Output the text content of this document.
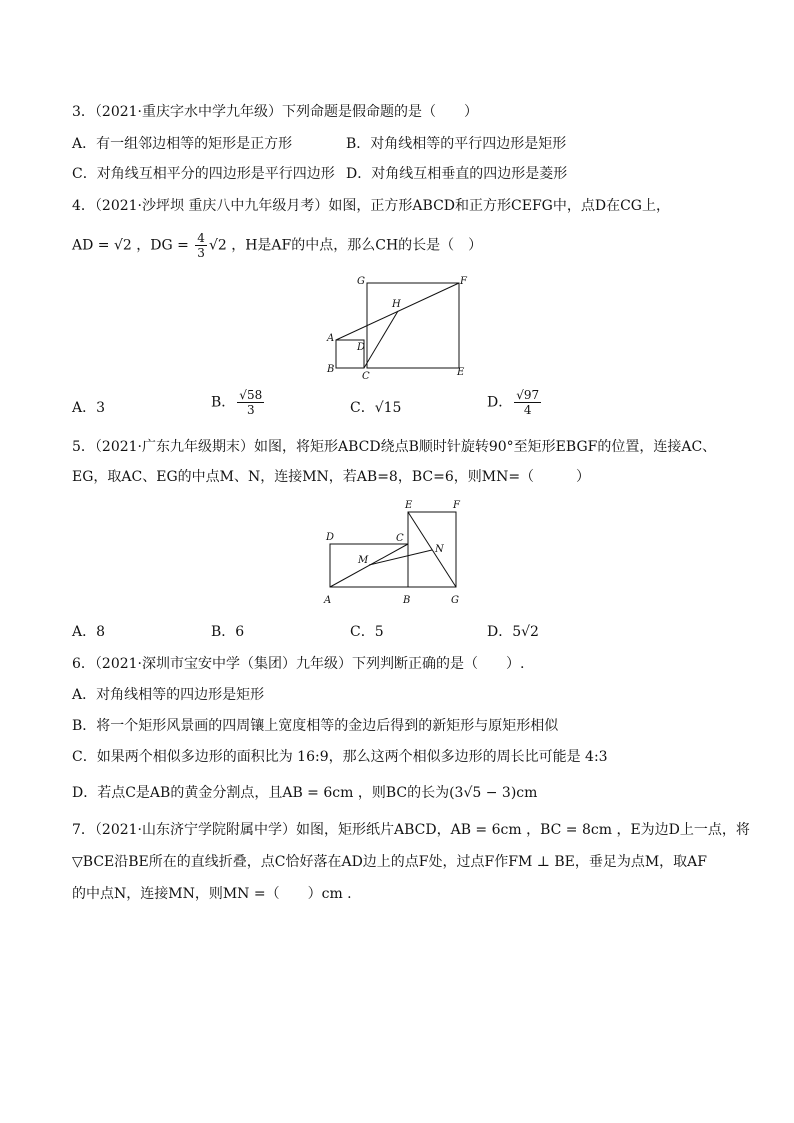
3．（2021·重庆字水中学九年级）下列命题是假命题的是（　　）
A．有一组邻边相等的矩形是正方形	B．对角线相等的平行四边形是矩形
C．对角线互相平分的四边形是平行四边形 D．对角线互相垂直的四边形是菱形
4．（2021·沙坪坝 重庆八中九年级月考）如图，正方形ABCD和正方形CEFG中，点D在CG上，
AD = √2 ，DG = $\frac{4}{3} √2$ ，H是AF的中点，那么CH的长是（　）
G	F
H
A
D
B
C	E
A．3	B． $\frac{√58}{3}$	C．√15	D． $\frac{√97}{4}$
5．（2021·广东九年级期末）如图，将矩形ABCD绕点B顺时针旋转90°至矩形EBGF的位置，连接AC、
EG，取AC、EG的中点M、N，连接MN，若AB=8，BC=6，则MN=（　　　）
D	C
E	F
M
N
A	B	G
A．8	B．6	C．5	D．5√2
6．（2021·深圳市宝安中学（集团）九年级）下列判断正确的是（　　）.
A．对角线相等的四边形是矩形
B．将一个矩形风景画的四周镶上宽度相等的金边后得到的新矩形与原矩形相似
C．如果两个相似多边形的面积比为 16:9，那么这两个相似多边形的周长比可能是 4:3
D．若点C是AB的黄金分割点，且AB = 6cm ，则BC的长为(3√5 − 3)cm
7．（2021·山东济宁学院附属中学）如图，矩形纸片ABCD，AB = 6cm ，BC = 8cm ，E为边D上一点，将
▽BCE沿BE所在的直线折叠，点C恰好落在AD边上的点F处，过点F作FM ⊥ BE，垂足为点M，取AF
的中点N，连接MN，则MN =（　　）cm .
